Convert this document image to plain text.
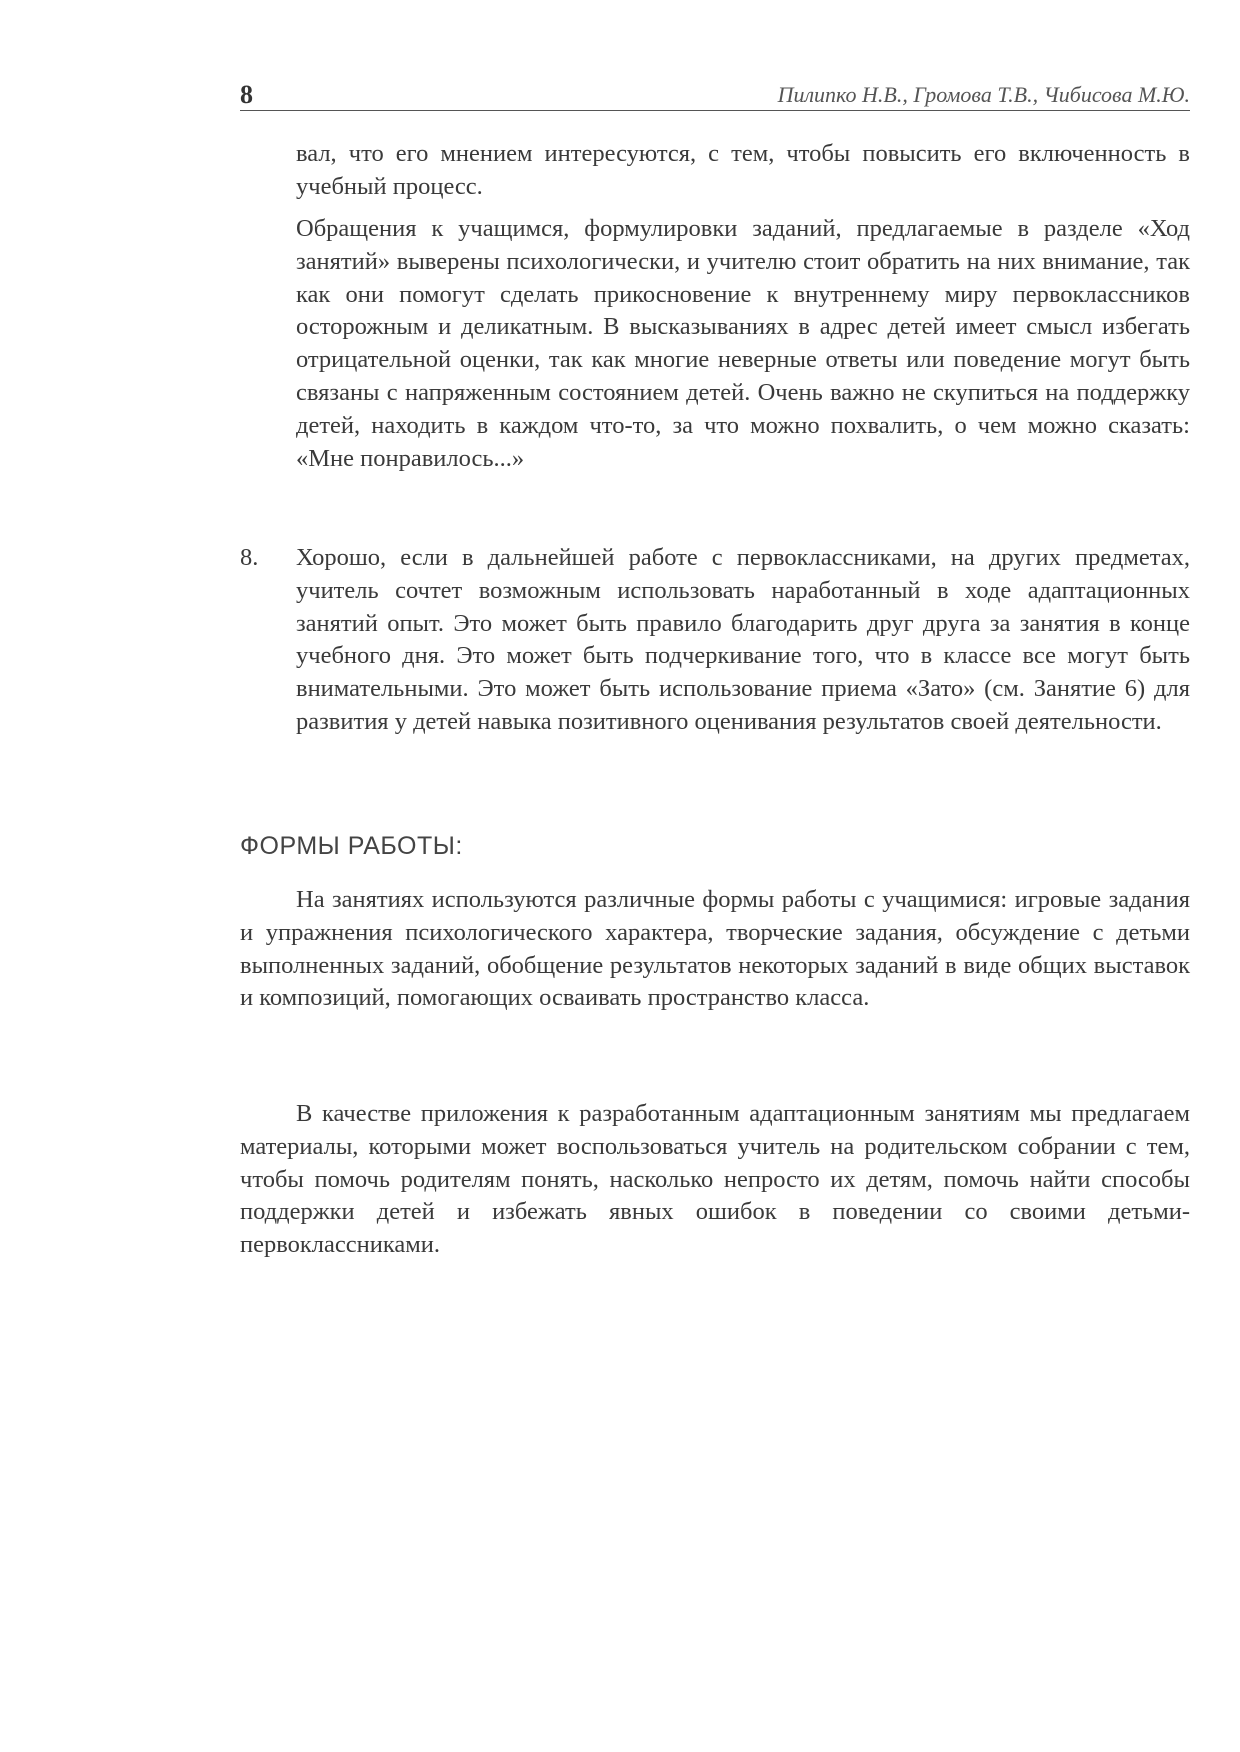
8	Пилипко Н.В., Громова Т.В., Чибисова М.Ю.

вал, что его мнением интересуются, с тем, чтобы повысить его включенность в учебный процесс.

Обращения к учащимся, формулировки заданий, предлагаемые в разделе «Ход занятий» выверены психологически, и учителю стоит обратить на них внимание, так как они помогут сделать прикосновение к внутреннему миру первоклассников осторожным и деликатным. В высказываниях в адрес детей имеет смысл избегать отрицательной оценки, так как многие неверные ответы или поведение могут быть связаны с напряженным состоянием детей. Очень важно не скупиться на поддержку детей, находить в каждом что-то, за что можно похвалить, о чем можно сказать: «Мне понравилось...»

8. Хорошо, если в дальнейшей работе с первоклассниками, на других предметах, учитель сочтет возможным использовать наработанный в ходе адаптационных занятий опыт. Это может быть правило благодарить друг друга за занятия в конце учебного дня. Это может быть подчеркивание того, что в классе все могут быть внимательными. Это может быть использование приема «Зато» (см. Занятие 6) для развития у детей навыка позитивного оценивания результатов своей деятельности.

ФОРМЫ РАБОТЫ:

На занятиях используются различные формы работы с учащимися: игровые задания и упражнения психологического характера, творческие задания, обсуждение с детьми выполненных заданий, обобщение результатов некоторых заданий в виде общих выставок и композиций, помогающих осваивать пространство класса.

В качестве приложения к разработанным адаптационным занятиям мы предлагаем материалы, которыми может воспользоваться учитель на родительском собрании с тем, чтобы помочь родителям понять, насколько непросто их детям, помочь найти способы поддержки детей и избежать явных ошибок в поведении со своими детьми-первоклассниками.
